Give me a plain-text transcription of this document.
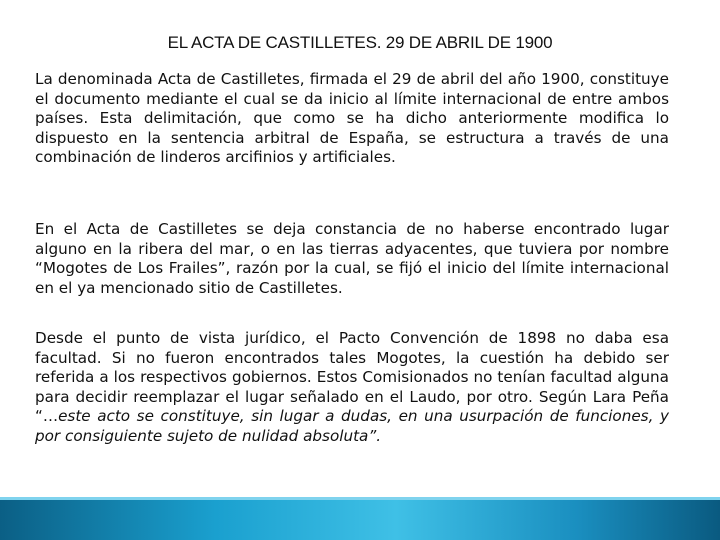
EL ACTA DE CASTILLETES. 29 DE ABRIL DE 1900

La denominada Acta de Castilletes, firmada el 29 de abril del año 1900, constituye el documento mediante el cual se da inicio al límite internacional de entre ambos países. Esta delimitación, que como se ha dicho anteriormente modifica lo dispuesto en la sentencia arbitral de España, se estructura a través de una combinación de linderos arcifinios y artificiales.

En el Acta de Castilletes se deja constancia de no haberse encontrado lugar alguno en la ribera del mar, o en las tierras adyacentes, que tuviera por nombre “Mogotes de Los Frailes”, razón por la cual, se fijó el inicio del límite internacional en el ya mencionado sitio de Castilletes.

Desde el punto de vista jurídico, el Pacto Convención de 1898 no daba esa facultad. Si no fueron encontrados tales Mogotes, la cuestión ha debido ser referida a los respectivos gobiernos. Estos Comisionados no tenían facultad alguna para decidir reemplazar el lugar señalado en el Laudo, por otro. Según Lara Peña “…este acto se constituye, sin lugar a dudas, en una usurpación de funciones, y por consiguiente sujeto de nulidad absoluta”.
